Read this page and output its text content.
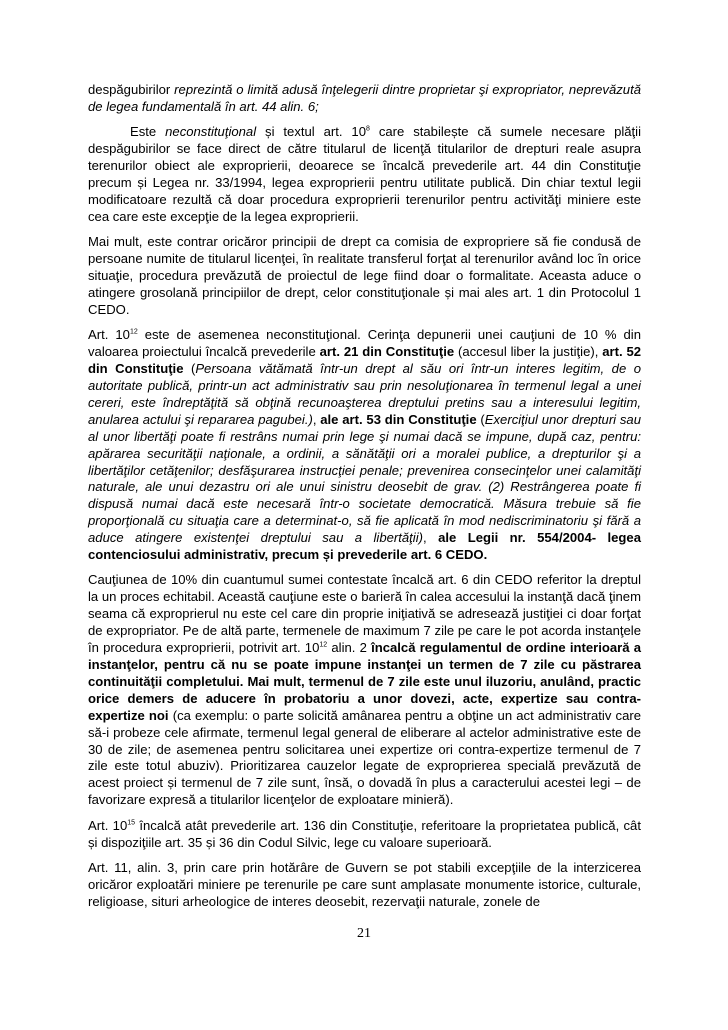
despăgubirilor reprezintă o limită adusă înţelegerii dintre proprietar şi expropriator, neprevăzută de legea fundamentală în art. 44 alin. 6;

Este neconstituţional și textul art. $10^8$ care stabilește că sumele necesare plăţii despăgubirilor se face direct de către titularul de licenţă titularilor de drepturi reale asupra terenurilor obiect ale exproprierii, deoarece se încalcă prevederile art. 44 din Constituţie precum și Legea nr. 33/1994, legea exproprierii pentru utilitate publică. Din chiar textul legii modificatoare rezultă că doar procedura exproprierii terenurilor pentru activităţi miniere este cea care este excepţie de la legea exproprierii.

Mai mult, este contrar oricăror principii de drept ca comisia de expropriere să fie condusă de persoane numite de titularul licenţei, în realitate transferul forţat al terenurilor având loc în orice situaţie, procedura prevăzută de proiectul de lege fiind doar o formalitate. Aceasta aduce o atingere grosolană principiilor de drept, celor constituţionale și mai ales art. 1 din Protocolul 1 CEDO.

Art. $10^{12}$ este de asemenea neconstituţional. Cerinţa depunerii unei cauţiuni de 10 % din valoarea proiectului încalcă prevederile art. 21 din Constituţie (accesul liber la justiţie), art. 52 din Constituţie (Persoana vătămată într-un drept al său ori într-un interes legitim, de o autoritate publică, printr-un act administrativ sau prin nesoluţionarea în termenul legal a unei cereri, este îndreptăţită să obţină recunoaşterea dreptului pretins sau a interesului legitim, anularea actului şi repararea pagubei.), ale art. 53 din Constituţie (Exerciţiul unor drepturi sau al unor libertăţi poate fi restrâns numai prin lege şi numai dacă se impune, după caz, pentru: apărarea securităţii naţionale, a ordinii, a sănătăţii ori a moralei publice, a drepturilor şi a libertăţilor cetăţenilor; desfăşurarea instrucţiei penale; prevenirea consecinţelor unei calamităţi naturale, ale unui dezastru ori ale unui sinistru deosebit de grav. (2) Restrângerea poate fi dispusă numai dacă este necesară într-o societate democratică. Măsura trebuie să fie proporţională cu situaţia care a determinat-o, să fie aplicată în mod nediscriminatoriu şi fără a aduce atingere existenţei dreptului sau a libertăţii), ale Legii nr. 554/2004- legea contenciosului administrativ, precum și prevederile art. 6 CEDO.

Cauţiunea de 10% din cuantumul sumei contestate încalcă art. 6 din CEDO referitor la dreptul la un proces echitabil. Această cauţiune este o barieră în calea accesului la instanţă dacă ţinem seama că exproprierul nu este cel care din proprie iniţiativă se adresează justiţiei ci doar forţat de expropriator. Pe de altă parte, termenele de maximum 7 zile pe care le pot acorda instanţele în procedura exproprierii, potrivit art. $10^{12}$ alin. 2 încalcă regulamentul de ordine interioară a instanţelor, pentru că nu se poate impune instanţei un termen de 7 zile cu păstrarea continuităţii completului. Mai mult, termenul de 7 zile este unul iluzoriu, anulând, practic orice demers de aducere în probatoriu a unor dovezi, acte, expertize sau contra-expertize noi (ca exemplu: o parte solicită amânarea pentru a obţine un act administrativ care să-i probeze cele afirmate, termenul legal general de eliberare al actelor administrative este de 30 de zile; de asemenea pentru solicitarea unei expertize ori contra-expertize termenul de 7 zile este totul abuziv). Prioritizarea cauzelor legate de exproprierea specială prevăzută de acest proiect și termenul de 7 zile sunt, însă, o dovadă în plus a caracterului acestei legi – de favorizare expresă a titularilor licenţelor de exploatare minieră).

Art. $10^{15}$ încalcă atât prevederile art. 136 din Constituţie, referitoare la proprietatea publică, cât și dispoziţiile art. 35 și 36 din Codul Silvic, lege cu valoare superioară.

Art. 11, alin. 3, prin care prin hotărâre de Guvern se pot stabili excepţiile de la interzicerea oricăror exploatări miniere pe terenurile pe care sunt amplasate monumente istorice, culturale, religioase, situri arheologice de interes deosebit, rezervaţii naturale, zonele de

21
